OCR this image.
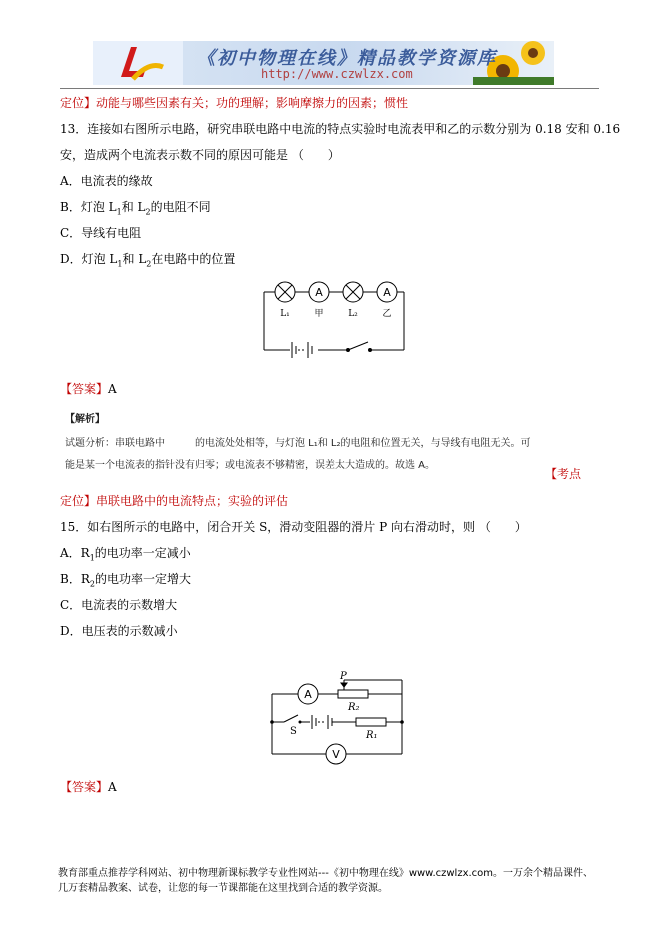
《初中物理在线》精品教学资源库
http://www.czwlzx.com
定位】动能与哪些因素有关；功的理解；影响摩擦力的因素；惯性
13．连接如右图所示电路，研究串联电路中电流的特点实验时电流表甲和乙的示数分别为 0.18 安和 0.16
安，造成两个电流表示数不同的原因可能是 （　　）
A．电流表的缘故
B．灯泡 $L_1$和 $L_2$的电阻不同
C．导线有电阻
D．灯泡 $L_1$和 $L_2$在电路中的位置
A	A
L₁	甲	L₂	乙
【答案】A
【解析】
试题分析：串联电路中　　　的电流处处相等，与灯泡 L₁和 L₂的电阻和位置无关，与导线有电阻无关。可
能是某一个电流表的指针没有归零；或电流表不够精密，误差太大造成的。故选 A。
【考点
定位】串联电路中的电流特点；实验的评估
15．如右图所示的电路中，闭合开关 S，滑动变阻器的滑片 P 向右滑动时，则 （　　）
A．$R_1$的电功率一定减小
B．$R_2$的电功率一定增大
C．电流表的示数增大
D．电压表的示数减小
A
V
P
R₂
R₁
S
【答案】A
教育部重点推荐学科网站、初中物理新课标教学专业性网站---《初中物理在线》www.czwlzx.com。一万余个精品课件、
几万套精品教案、试卷，让您的每一节课都能在这里找到合适的教学资源。
